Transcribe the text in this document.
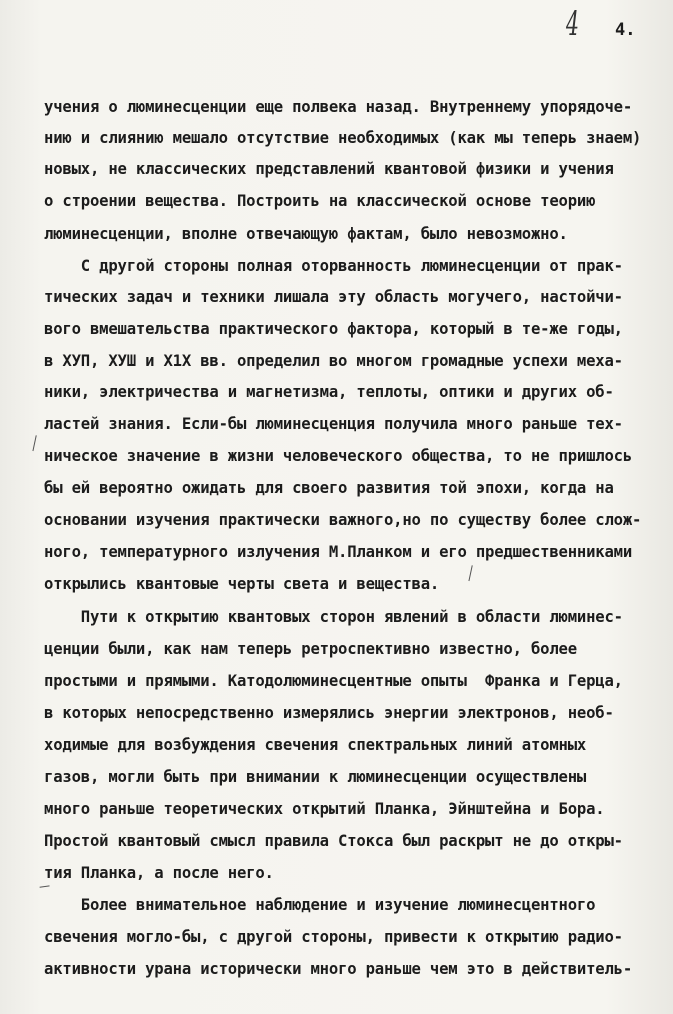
4 4.
учения о люминесценции еще полвека назад. Внутреннему упорядоче-
нию и слиянию мешало отсутствие необходимых (как мы теперь знаем)
новых, не классических представлений квантовой физики и учения
о строении вещества. Построить на классической основе теорию
люминесценции, вполне отвечающую фактам, было невозможно.
С другой стороны полная оторванность люминесценции от прак-
тических задач и техники лишала эту область могучего, настойчи-
вого вмешательства практического фактора, который в те-же годы,
в ХУП, ХУШ и Х1Х вв. определил во многом громадные успехи меха-
ники, электричества и магнетизма, теплоты, оптики и других об-
ластей знания. Если-бы люминесценция получила много раньше тех-
ническое значение в жизни человеческого общества, то не пришлось
бы ей вероятно ожидать для своего развития той эпохи, когда на
основании изучения практически важного,но по существу более слож-
ного, температурного излучения М.Планком и его предшественниками
открылись квантовые черты света и вещества.
Пути к открытию квантовых сторон явлений в области люминес-
ценции были, как нам теперь ретроспективно известно, более
простыми и прямыми. Катодолюминесцентные опыты  Франка и Герца,
в которых непосредственно измерялись энергии электронов, необ-
ходимые для возбуждения свечения спектральных линий атомных
газов, могли быть при внимании к люминесценции осуществлены
много раньше теоретических открытий Планка, Эйнштейна и Бора.
Простой квантовый смысл правила Стокса был раскрыт не до откры-
тия Планка, а после него.
Более внимательное наблюдение и изучение люминесцентного
свечения могло-бы, с другой стороны, привести к открытию радио-
активности урана исторически много раньше чем это в действитель-
